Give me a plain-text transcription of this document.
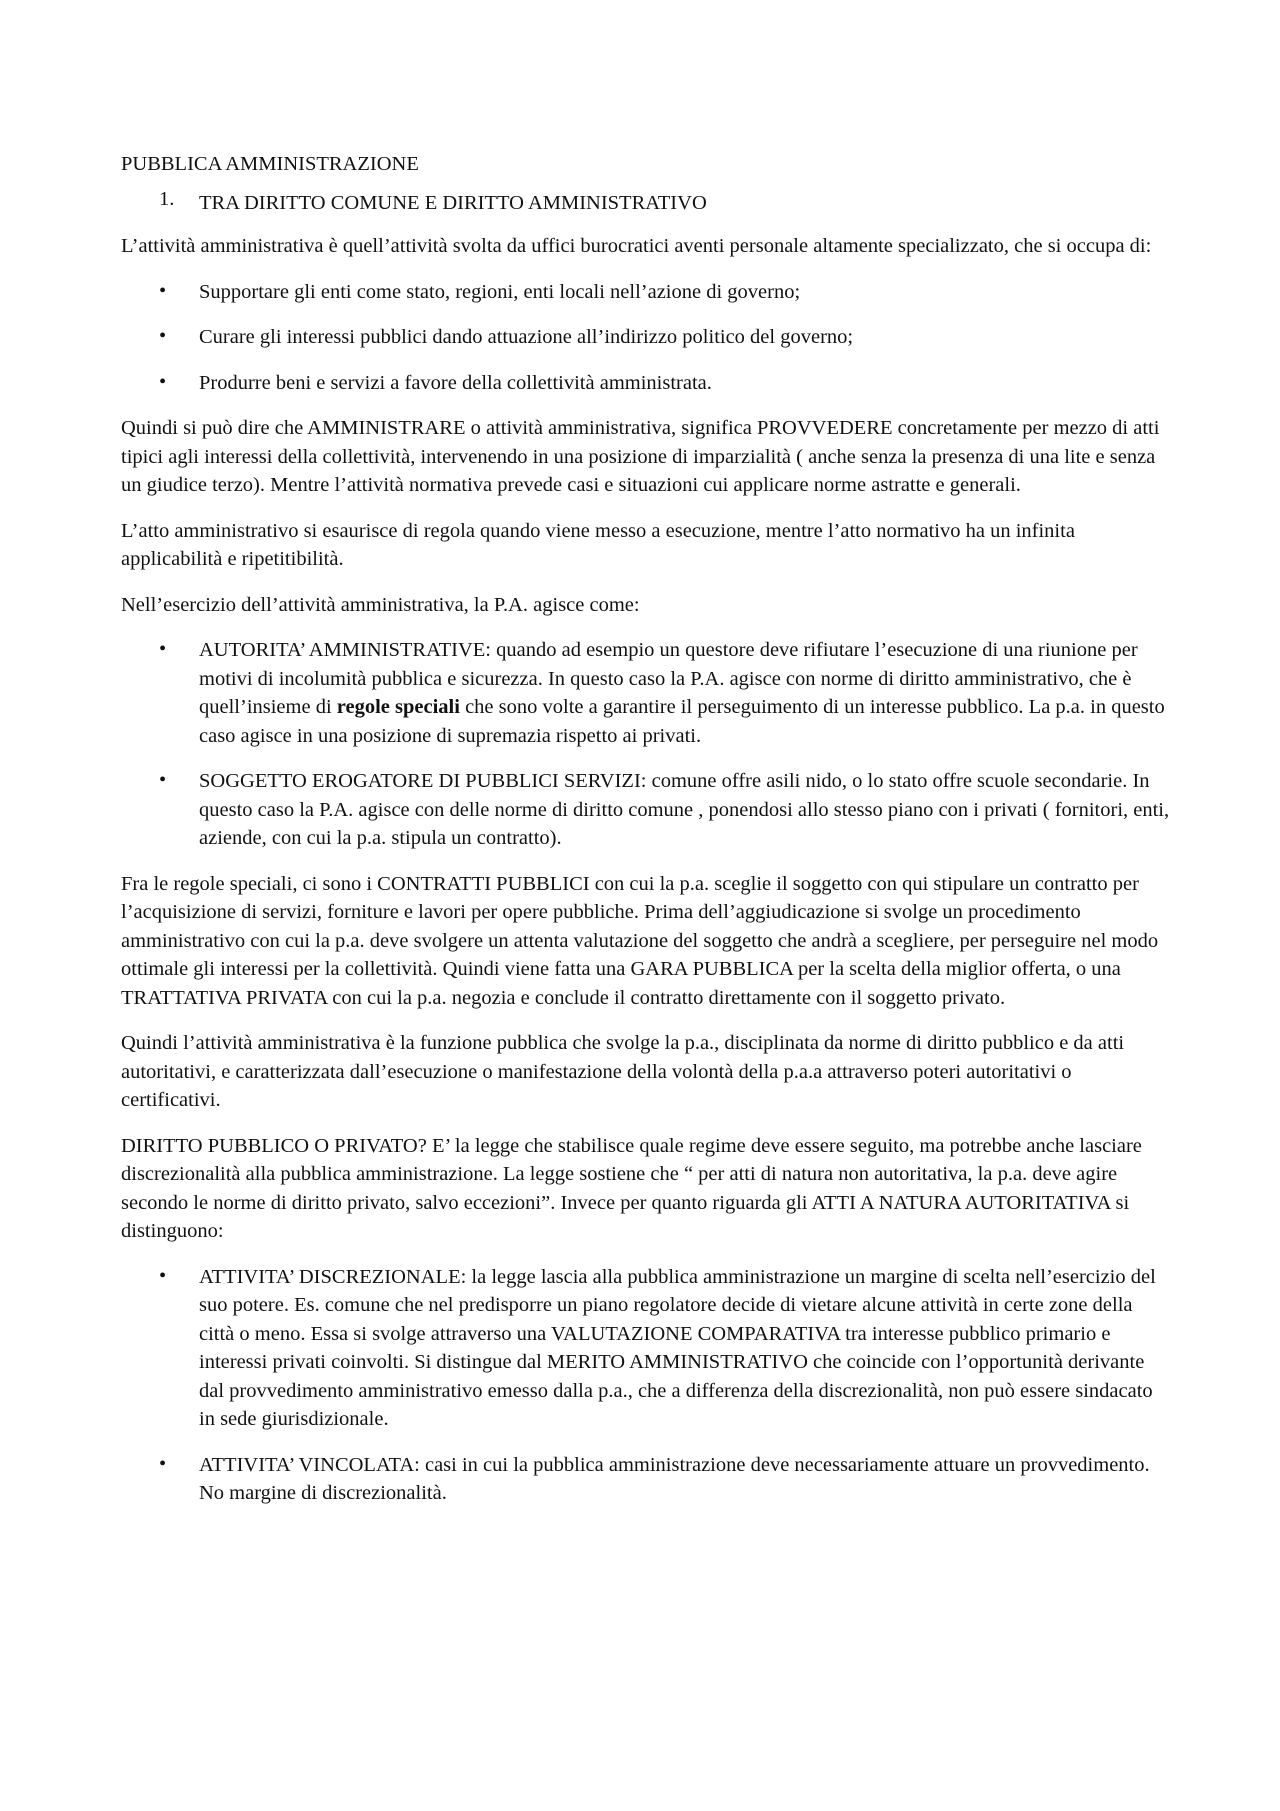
PUBBLICA AMMINISTRAZIONE

1. TRA DIRITTO COMUNE E DIRITTO AMMINISTRATIVO

L’attività amministrativa è quell’attività svolta da uffici burocratici aventi personale altamente specializzato, che si occupa di:

• Supportare gli enti come stato, regioni, enti locali nell’azione di governo;
• Curare gli interessi pubblici dando attuazione all’indirizzo politico del governo;
• Produrre beni e servizi a favore della collettività amministrata.

Quindi si può dire che AMMINISTRARE o attività amministrativa, significa PROVVEDERE concretamente per mezzo di atti tipici agli interessi della collettività, intervenendo in una posizione di imparzialità ( anche senza la presenza di una lite e senza un giudice terzo). Mentre l’attività normativa prevede casi e situazioni cui applicare norme astratte e generali.

L’atto amministrativo si esaurisce di regola quando viene messo a esecuzione, mentre l’atto normativo ha un infinita applicabilità e ripetitibilità.

Nell’esercizio dell’attività amministrativa, la P.A. agisce come:

• AUTORITA’ AMMINISTRATIVE: quando ad esempio un questore deve rifiutare l’esecuzione di una riunione per motivi di incolumità pubblica e sicurezza. In questo caso la P.A. agisce con norme di diritto amministrativo, che è quell’insieme di regole speciali che sono volte a garantire il perseguimento di un interesse pubblico. La p.a. in questo caso agisce in una posizione di supremazia rispetto ai privati.
• SOGGETTO EROGATORE DI PUBBLICI SERVIZI: comune offre asili nido, o lo stato offre scuole secondarie. In questo caso la P.A. agisce con delle norme di diritto comune , ponendosi allo stesso piano con i privati ( fornitori, enti, aziende, con cui la p.a. stipula un contratto).

Fra le regole speciali, ci sono i CONTRATTI PUBBLICI con cui la p.a. sceglie il soggetto con qui stipulare un contratto per l’acquisizione di servizi, forniture e lavori per opere pubbliche. Prima dell’aggiudicazione si svolge un procedimento amministrativo con cui la p.a. deve svolgere un attenta valutazione del soggetto che andrà a scegliere, per perseguire nel modo ottimale gli interessi per la collettività. Quindi viene fatta una GARA PUBBLICA per la scelta della miglior offerta, o una TRATTATIVA PRIVATA con cui la p.a. negozia e conclude il contratto direttamente con il soggetto privato.

Quindi l’attività amministrativa è la funzione pubblica che svolge la p.a., disciplinata da norme di diritto pubblico e da atti autoritativi, e caratterizzata dall’esecuzione o manifestazione della volontà della p.a.a attraverso poteri autoritativi o certificativi.

DIRITTO PUBBLICO O PRIVATO? E’ la legge che stabilisce quale regime deve essere seguito, ma potrebbe anche lasciare discrezionalità alla pubblica amministrazione. La legge sostiene che “ per atti di natura non autoritativa, la p.a. deve agire secondo le norme di diritto privato, salvo eccezioni”. Invece per quanto riguarda gli ATTI A NATURA AUTORITATIVA si distinguono:

• ATTIVITA’ DISCREZIONALE: la legge lascia alla pubblica amministrazione un margine di scelta nell’esercizio del suo potere. Es. comune che nel predisporre un piano regolatore decide di vietare alcune attività in certe zone della città o meno. Essa si svolge attraverso una VALUTAZIONE COMPARATIVA tra interesse pubblico primario e interessi privati coinvolti. Si distingue dal MERITO AMMINISTRATIVO che coincide con l’opportunità derivante dal provvedimento amministrativo emesso dalla p.a., che a differenza della discrezionalità, non può essere sindacato in sede giurisdizionale.
• ATTIVITA’ VINCOLATA: casi in cui la pubblica amministrazione deve necessariamente attuare un provvedimento. No margine di discrezionalità.
